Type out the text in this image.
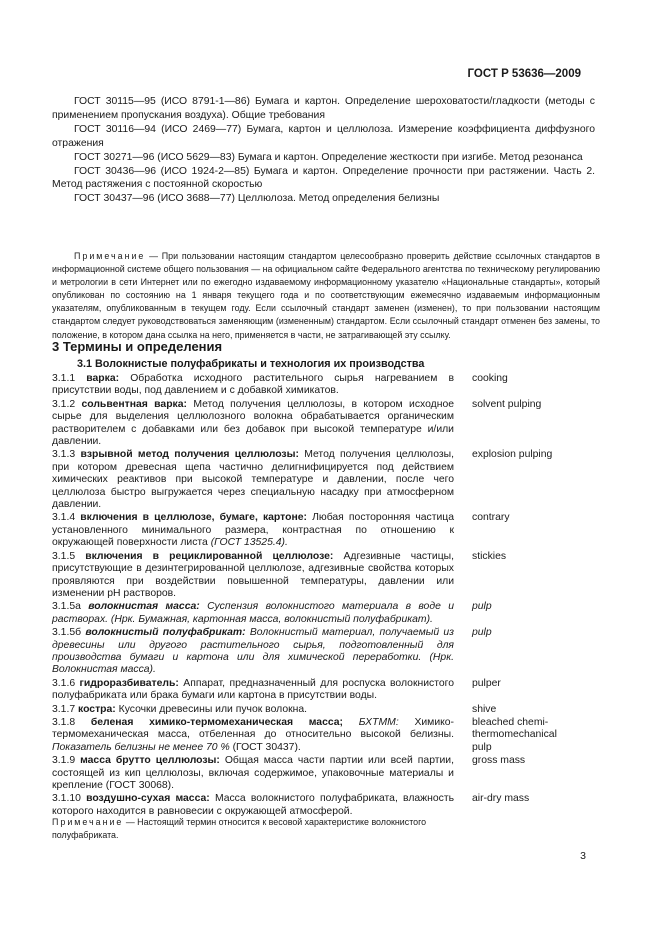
ГОСТ Р 53636—2009

ГОСТ 30115—95 (ИСО 8791-1—86) Бумага и картон. Определение шероховатости/гладкости (методы с применением пропускания воздуха). Общие требования

ГОСТ 30116—94 (ИСО 2469—77) Бумага, картон и целлюлоза. Измерение коэффициента диффузного отражения

ГОСТ 30271—96 (ИСО 5629—83) Бумага и картон. Определение жесткости при изгибе. Метод резонанса

ГОСТ 30436—96 (ИСО 1924-2—85) Бумага и картон. Определение прочности при растяжении. Часть 2. Метод растяжения с постоянной скоростью

ГОСТ 30437—96 (ИСО 3688—77) Целлюлоза. Метод определения белизны

Примечание — При пользовании настоящим стандартом целесообразно проверить действие ссылочных стандартов в информационной системе общего пользования — на официальном сайте Федерального агентства по техническому регулированию и метрологии в сети Интернет или по ежегодно издаваемому информационному указателю «Национальные стандарты», который опубликован по состоянию на 1 января текущего года и по соответствующим ежемесячно издаваемым информационным указателям, опубликованным в текущем году. Если ссылочный стандарт заменен (изменен), то при пользовании настоящим стандартом следует руководствоваться заменяющим (измененным) стандартом. Если ссылочный стандарт отменен без замены, то положение, в котором дана ссылка на него, применяется в части, не затрагивающей эту ссылку.
3 Термины и определения
3.1 Волокнистые полуфабрикаты и технология их производства
3.1.1 варка: Обработка исходного растительного сырья нагреванием в присутствии воды, под давлением и с добавкой химикатов.
cooking
3.1.2 сольвентная варка: Метод получения целлюлозы, в котором исходное сырье для выделения целлюлозного волокна обрабатывается органическим растворителем с добавками или без добавок при высокой температуре и/или давлении.
solvent pulping
3.1.3 взрывной метод получения целлюлозы: Метод получения целлюлозы, при котором древесная щепа частично делигнифицируется под действием химических реактивов при высокой температуре и давлении, после чего целлюлоза быстро выгружается через специальную насадку при атмосферном давлении.
explosion pulping
3.1.4 включения в целлюлозе, бумаге, картоне: Любая посторонняя частица установленного минимального размера, контрастная по отношению к окружающей поверхности листа (ГОСТ 13525.4).
contrary
3.1.5 включения в рециклированной целлюлозе: Адгезивные частицы, присутствующие в дезинтегрированной целлюлозе, адгезивные свойства которых проявляются при воздействии повышенной температуры, давлении или изменении pH растворов.
stickies
3.1.5а волокнистая масса: Суспензия волокнистого материала в воде и растворах. (Нрк. Бумажная, картонная масса, волокнистый полуфабрикат).
pulp
3.1.5б волокнистый полуфабрикат: Волокнистый материал, получаемый из древесины или другого растительного сырья, подготовленный для производства бумаги и картона или для химической переработки. (Нрк. Волокнистая масса).
pulp
3.1.6 гидроразбиватель: Аппарат, предназначенный для роспуска волокнистого полуфабриката или брака бумаги или картона в присутствии воды.
pulper
3.1.7 костра: Кусочки древесины или пучок волокна.	shive
3.1.8 беленая химико-термомеханическая масса; БХТММ: Химико-термомеханическая масса, отбеленная до относительно высокой белизны. Показатель белизны не менее 70 % (ГОСТ 30437).
bleached chemi-
thermomechanical
pulp
3.1.9 масса брутто целлюлозы: Общая масса части партии или всей партии, состоящей из кип целлюлозы, включая содержимое, упаковочные материалы и крепление (ГОСТ 30068).
gross mass
3.1.10 воздушно-сухая масса: Масса волокнистого полуфабриката, влажность которого находится в равновесии с окружающей атмосферой.
air-dry mass
Примечание — Настоящий термин относится к весовой характеристике волокнистого полуфабриката.
3
